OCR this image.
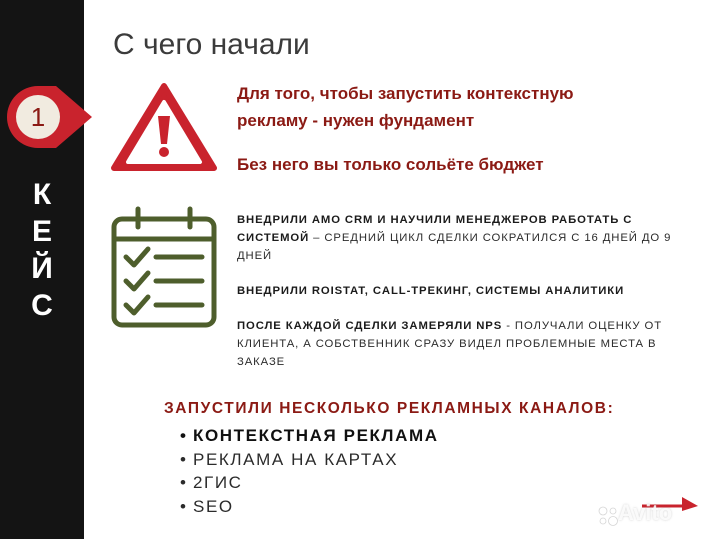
К
Е
Й
С
1
С чего начали
Для того, чтобы запустить контекстную
рекламу - нужен фундамент
Без него вы только сольёте бюджет

ВНЕДРИЛИ AMO CRM И НАУЧИЛИ МЕНЕДЖЕРОВ РАБОТАТЬ С СИСТЕМОЙ – СРЕДНИЙ ЦИКЛ СДЕЛКИ СОКРАТИЛСЯ С 16 ДНЕЙ ДО 9 ДНЕЙ

ВНЕДРИЛИ ROISTAT, CALL-ТРЕКИНГ, СИСТЕМЫ АНАЛИТИКИ

ПОСЛЕ КАЖДОЙ СДЕЛКИ ЗАМЕРЯЛИ NPS - ПОЛУЧАЛИ ОЦЕНКУ ОТ КЛИЕНТА, А СОБСТВЕННИК СРАЗУ ВИДЕЛ ПРОБЛЕМНЫЕ МЕСТА В ЗАКАЗЕ

ЗАПУСТИЛИ НЕСКОЛЬКО РЕКЛАМНЫХ КАНАЛОВ:
• КОНТЕКСТНАЯ РЕКЛАМА
• РЕКЛАМА НА КАРТАХ
• 2ГИС
• SEO	Avito
